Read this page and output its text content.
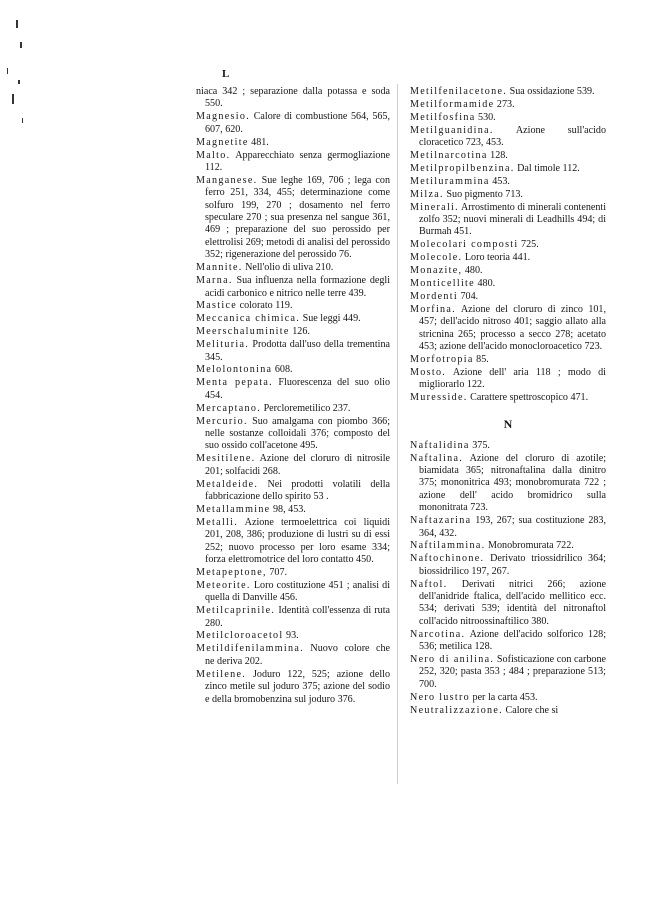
L

niaca 342 ; separazione dalla potassa e soda 550.

Magnesio. Calore di combustione 564, 565, 607, 620.

Magnetite 481.

Malto. Apparecchiato senza germogliazione 112.

Manganese. Sue leghe 169, 706 ; lega con ferro 251, 334, 455; determinazione come solfuro 199, 270 ; dosamento nel ferro speculare 270 ; sua presenza nel sangue 361, 469 ; preparazione del suo perossido per elettrolisi 269; metodi di analisi del perossido 352; rigenerazione del perossido 76.

Mannite. Nell'olio di uliva 210.

Marna. Sua influenza nella formazione degli acidi carbonico e nitrico nelle terre 439.

Mastice colorato 119.

Meccanica chimica. Sue leggi 449.

Meerschaluminite 126.

Melituria. Prodotta dall'uso della trementina 345.

Melolontonina 608.

Menta pepata. Fluorescenza del suo olio 454.

Mercaptano. Percloremetilico 237.

Mercurio. Suo amalgama con piombo 366; nelle sostanze colloidali 376; composto del suo ossido coll'acetone 495.

Mesitilene. Azione del cloruro di nitrosile 201; solfacidi 268.

Metaldeide. Nei prodotti volatili della fabbricazione dello spirito 53 .

Metallammine 98, 453.

Metalli. Azione termoelettrica coi liquidi 201, 208, 386; produzione di lustri su di essi 252; nuovo processo per loro esame 334; forza elettromotrice del loro contatto 450.

Metapeptone, 707.

Meteorite. Loro costituzione 451 ; analisi di quella di Danville 456.

Metilcaprinile. Identità coll'essenza di ruta 280.

Metilcloroacetol 93.

Metildifenilammina. Nuovo colore che ne deriva 202.

Metilene. Joduro 122, 525; azione dello zinco metile sul joduro 375; azione del sodio e della bromobenzina sul joduro 376.

Metilfenilacetone. Sua ossidazione 539.

Metilformamide 273.

Metilfosfina 530.

Metilguanidina. Azione sull'acido cloracetico 723, 453.

Metilnarcotina 128.

Metilpropilbenzina. Dal timole 112.

Metilurammina 453.

Milza. Suo pigmento 713.

Minerali. Arrostimento di minerali contenenti zolfo 352; nuovi minerali di Leadhills 494; di Burmah 451.

Molecolari composti 725.

Molecole. Loro teoria 441.

Monazite, 480.

Monticellite 480.

Mordenti 704.

Morfina. Azione del cloruro di zinco 101, 457; dell'acido nitroso 401; saggio allato alla stricnina 265; processo a secco 278; acetato 453; azione dell'acido monocloroacetico 723.

Morfotropia 85.

Mosto. Azione dell' aria 118 ; modo di migliorarlo 122.

Muresside. Carattere spettroscopico 471.

N

Naftalidina 375.

Naftalina. Azione del cloruro di azotile; biamidata 365; nitronaftalina dalla dinitro 375; mononitrica 493; monobromurata 722 ; azione dell' acido bromidrico sulla mononitrata 723.

Naftazarina 193, 267; sua costituzione 283, 364, 432.

Naftilammina. Monobromurata 722.

Naftochinone. Derivato triossidrilico 364; biossidrilico 197, 267.

Naftol. Derivati nitrici 266; azione dell'anidride ftalica, dell'acido mellitico ecc. 534; derivati 539; identità del nitronaftol coll'acido nitroossinaftilico 380.

Narcotina. Azione dell'acido solforico 128; 536; metilica 128.

Nero di anilina. Sofisticazione con carbone 252, 320; pasta 353 ; 484 ; preparazione 513; 700.

Nero lustro per la carta 453.

Neutralizzazione. Calore che si
